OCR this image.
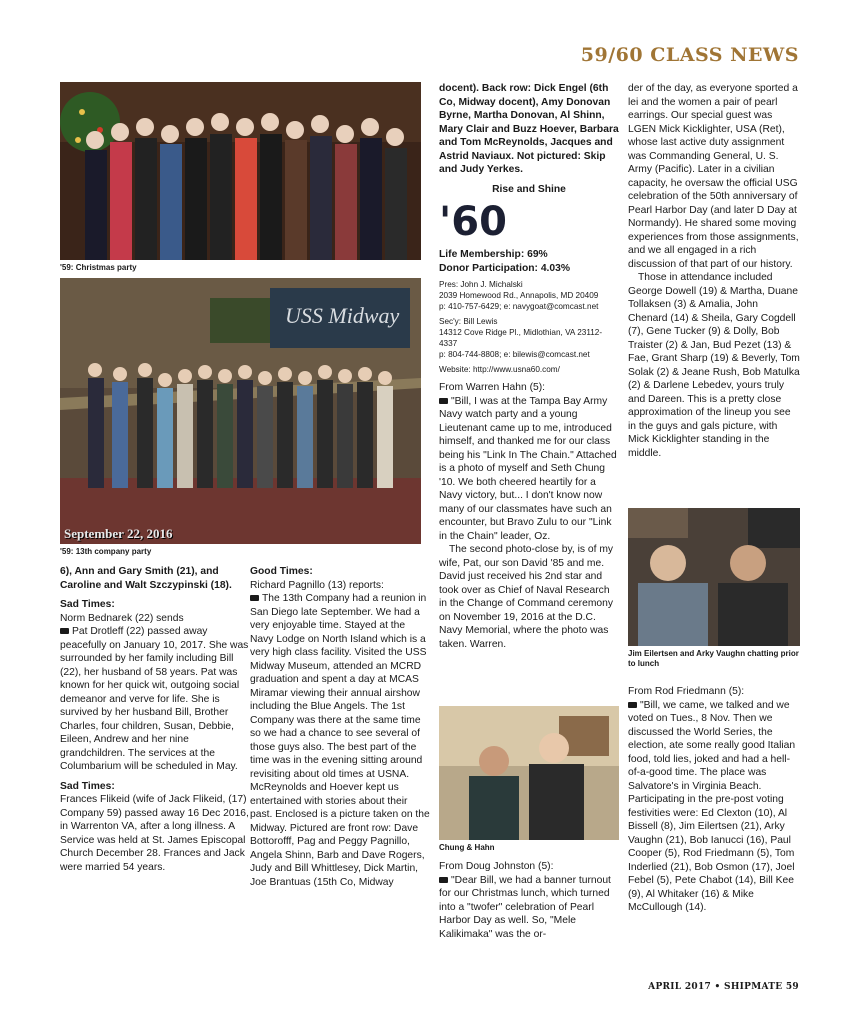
59/60 CLASS NEWS
'59: Christmas party
USS Midway
September 22, 2016
'59: 13th company party

6), Ann and Gary Smith (21), and Caroline and Walt Szczypinski (18).

Sad Times:

Norm Bednarek (22) sends

Pat Drotleff (22) passed away peacefully on January 10, 2017. She was surrounded by her family including Bill (22), her husband of 58 years. Pat was known for her quick wit, outgoing social demeanor and verve for life. She is survived by her husband Bill, Brother Charles, four children, Susan, Debbie, Eileen, Andrew and her nine grandchildren. The services at the Columbarium will be scheduled in May.

Sad Times:

Frances Flikeid (wife of Jack Flikeid, (17) Company 59) passed away 16 Dec 2016, in Warrenton VA, after a long illness. A Service was held at St. James Episcopal Church December 28. Frances and Jack were married 54 years.

Good Times:

Richard Pagnillo (13) reports:

The 13th Company had a reunion in San Diego late September. We had a very enjoyable time. Stayed at the Navy Lodge on North Island which is a very high class facility. Visited the USS Midway Museum, attended an MCRD graduation and spent a day at MCAS Miramar viewing their annual airshow including the Blue Angels. The 1st Company was there at the same time so we had a chance to see several of those guys also. The best part of the time was in the evening sitting around revisiting about old times at USNA. McReynolds and Hoever kept us entertained with stories about their past. Enclosed is a picture taken on the Midway. Pictured are front row: Dave Bottorofff, Pag and Peggy Pagnillo, Angela Shinn, Barb and Dave Rogers, Judy and Bill Whittlesey, Dick Martin, Joe Brantuas (15th Co, Midway

docent). Back row: Dick Engel (6th Co, Midway docent), Amy Donovan Byrne, Martha Donovan, Al Shinn, Mary Clair and Buzz Hoever, Barbara and Tom McReynolds, Jacques and Astrid Naviaux. Not pictured: Skip and Judy Yerkes.

Rise and Shine

'60

Life Membership: 69%

Donor Participation: 4.03%

Pres: John J. Michalski

2039 Homewood Rd., Annapolis, MD 20409

p: 410-757-6429; e: navygoat@comcast.net

Sec'y: Bill Lewis

14312 Cove Ridge Pl., Midlothian, VA 23112-4337

p: 804-744-8808; e: bilewis@comcast.net

Website: http://www.usna60.com/

From Warren Hahn (5):

"Bill, I was at the Tampa Bay Army Navy watch party and a young Lieutenant came up to me, introduced himself, and thanked me for our class being his "Link In The Chain." Attached is a photo of myself and Seth Chung '10. We both cheered heartily for a Navy victory, but... I don't know now many of our classmates have such an encounter, but Bravo Zulu to our "Link in the Chain" leader, Oz.

The second photo-close by, is of my wife, Pat, our son David '85 and me. David just received his 2nd star and took over as Chief of Naval Research in the Change of Command ceremony on November 19, 2016 at the D.C. Navy Memorial, where the photo was taken. Warren.

Chung & Hahn

From Doug Johnston (5):

"Dear Bill, we had a banner turnout for our Christmas lunch, which turned into a "twofer" celebration of Pearl Harbor Day as well. So, "Mele Kalikimaka" was the or-

der of the day, as everyone sported a lei and the women a pair of pearl earrings. Our special guest was LGEN Mick Kicklighter, USA (Ret), whose last active duty assignment was Commanding General, U. S. Army (Pacific). Later in a civilian capacity, he oversaw the official USG celebration of the 50th anniversary of Pearl Harbor Day (and later D Day at Normandy). He shared some moving experiences from those assignments, and we all engaged in a rich discussion of that part of our history.

Those in attendance included George Dowell (19) & Martha, Duane Tollaksen (3) & Amalia, John Chenard (14) & Sheila, Gary Cogdell (7), Gene Tucker (9) & Dolly, Bob Traister (2) & Jan, Bud Pezet (13) & Fae, Grant Sharp (19) & Beverly, Tom Solak (2) & Jeane Rush, Bob Matulka (2) & Darlene Lebedev, yours truly and Dareen. This is a pretty close approximation of the lineup you see in the guys and gals picture, with Mick Kicklighter standing in the middle.

Jim Eilertsen and Arky Vaughn chatting prior to lunch

From Rod Friedmann (5):

"Bill, we came, we talked and we voted on Tues., 8 Nov. Then we discussed the World Series, the election, ate some really good Italian food, told lies, joked and had a hell-of-a-good time. The place was Salvatore's in Virginia Beach. Participating in the pre-post voting festivities were: Ed Clexton (10), Al Bissell (8), Jim Eilertsen (21), Arky Vaughn (21), Bob Ianucci (16), Paul Cooper (5), Rod Friedmann (5), Tom Inderlied (21), Bob Osmon (17), Joel Febel (5), Pete Chabot (14), Bill Kee (9), Al Whitaker (16) & Mike McCullough (14).

APRIL 2017 • SHIPMATE 59
